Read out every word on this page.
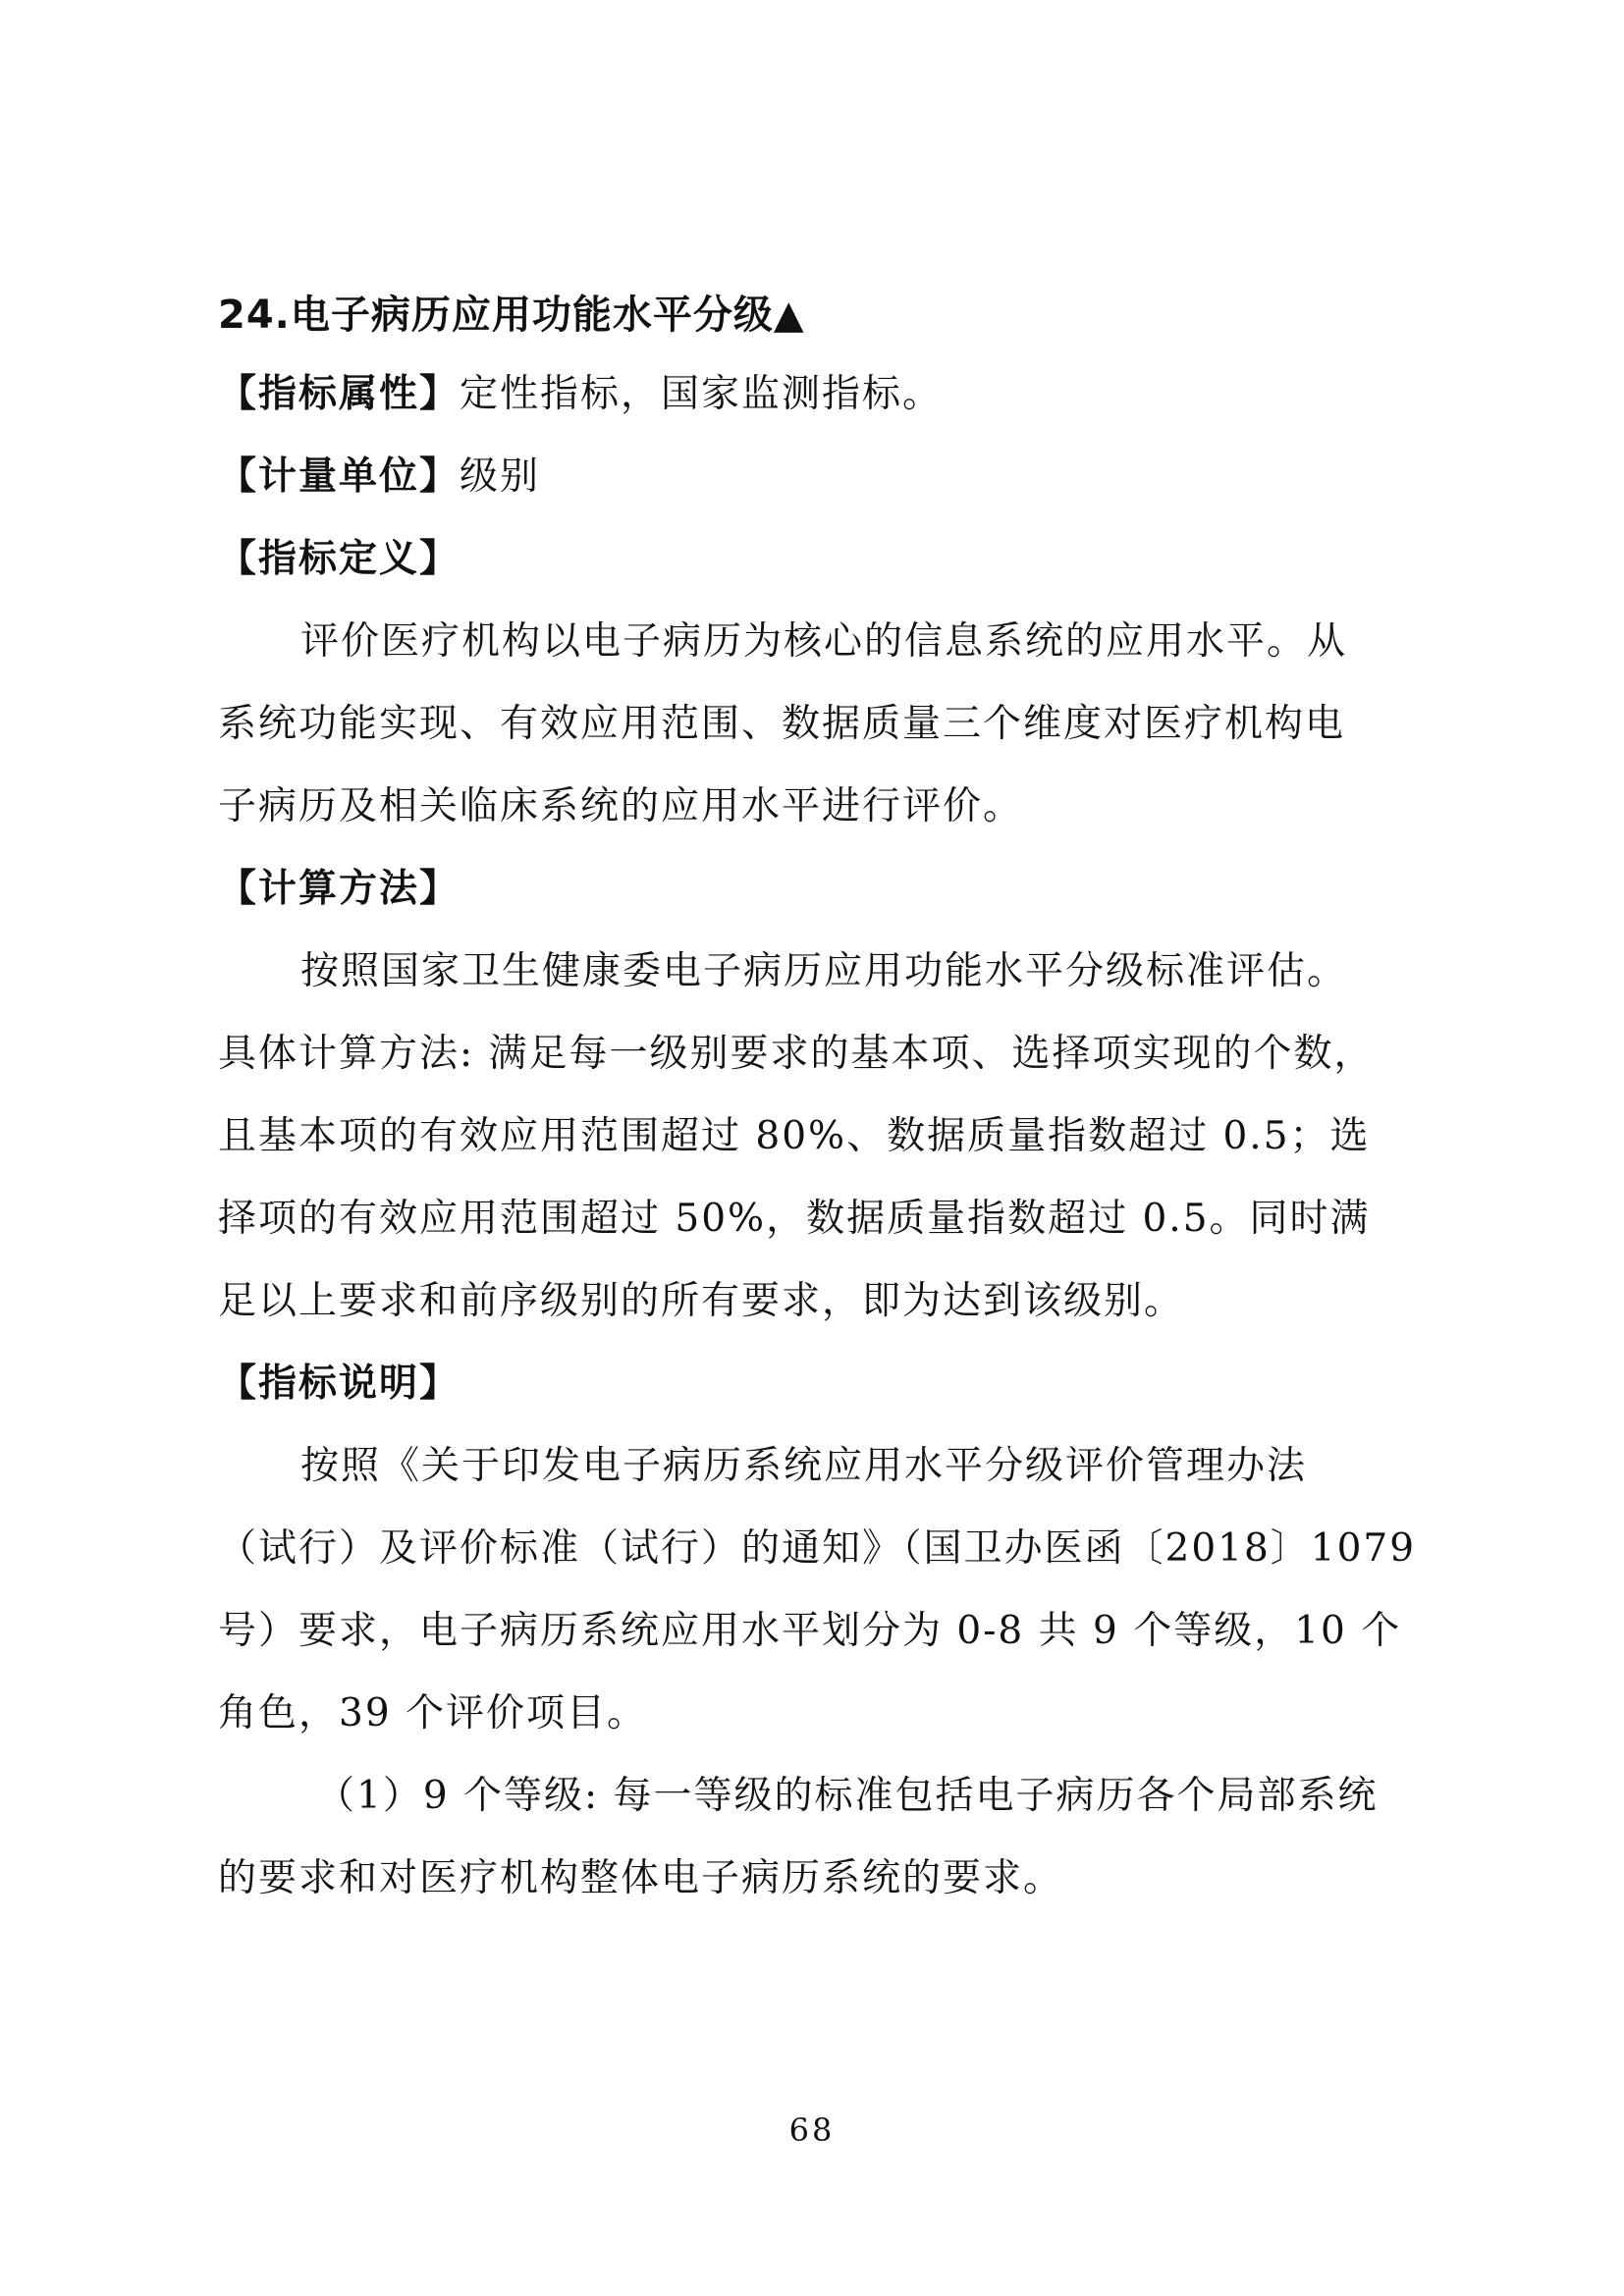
24.电子病历应用功能水平分级▲
【指标属性】定性指标，国家监测指标。
【计量单位】级别
【指标定义】
评价医疗机构以电子病历为核心的信息系统的应用水平。从
系统功能实现、有效应用范围、数据质量三个维度对医疗机构电
子病历及相关临床系统的应用水平进行评价。
【计算方法】
按照国家卫生健康委电子病历应用功能水平分级标准评估。
具体计算方法: 满足每一级别要求的基本项、选择项实现的个数，
且基本项的有效应用范围超过 80%、数据质量指数超过 0.5；选
择项的有效应用范围超过 50%，数据质量指数超过 0.5。同时满
足以上要求和前序级别的所有要求，即为达到该级别。
【指标说明】
按照《关于印发电子病历系统应用水平分级评价管理办法
（试行）及评价标准（试行）的通知》（国卫办医函〔2018〕1079
号）要求，电子病历系统应用水平划分为 0-8 共 9 个等级，10 个
角色，39 个评价项目。
（1）9 个等级: 每一等级的标准包括电子病历各个局部系统
的要求和对医疗机构整体电子病历系统的要求。
68
